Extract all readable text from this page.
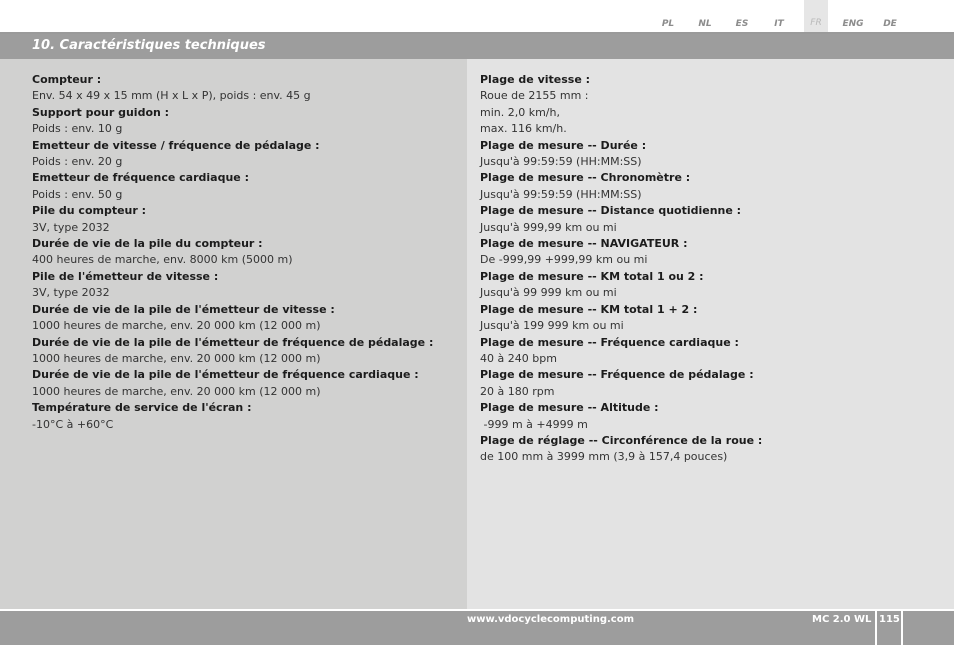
PL	NL	ES	IT	FR	ENG	DE
10. Caractéristiques techniques
Compteur :
Env. 54 x 49 x 15 mm (H x L x P), poids : env. 45 g
Support pour guidon :
Poids : env. 10 g
Emetteur de vitesse / fréquence de pédalage :
Poids : env. 20 g
Emetteur de fréquence cardiaque :
Poids : env. 50 g
Pile du compteur :
3V, type 2032
Durée de vie de la pile du compteur :
400 heures de marche, env. 8000 km (5000 m)
Pile de l'émetteur de vitesse :
3V, type 2032
Durée de vie de la pile de l'émetteur de vitesse :
1000 heures de marche, env. 20 000 km (12 000 m)
Durée de vie de la pile de l'émetteur de fréquence de pédalage :
1000 heures de marche, env. 20 000 km (12 000 m)
Durée de vie de la pile de l'émetteur de fréquence cardiaque :
1000 heures de marche, env. 20 000 km (12 000 m)
Température de service de l'écran :
-10°C à +60°C
Plage de vitesse :
Roue de 2155 mm :
min. 2,0 km/h,
max. 116 km/h.
Plage de mesure -- Durée :
Jusqu'à 99:59:59 (HH:MM:SS)
Plage de mesure -- Chronomètre :
Jusqu'à 99:59:59 (HH:MM:SS)
Plage de mesure -- Distance quotidienne :
Jusqu'à 999,99 km ou mi
Plage de mesure -- NAVIGATEUR :
De -999,99 +999,99 km ou mi
Plage de mesure -- KM total 1 ou 2 :
Jusqu'à 99 999 km ou mi
Plage de mesure -- KM total 1 + 2 :
Jusqu'à 199 999 km ou mi
Plage de mesure -- Fréquence cardiaque :
40 à 240 bpm
Plage de mesure -- Fréquence de pédalage :
20 à 180 rpm
Plage de mesure -- Altitude :
-999 m à +4999 m
Plage de réglage -- Circonférence de la roue :
de 100 mm à 3999 mm (3,9 à 157,4 pouces)
www.vdocyclecomputing.com	MC 2.0 WL 115
